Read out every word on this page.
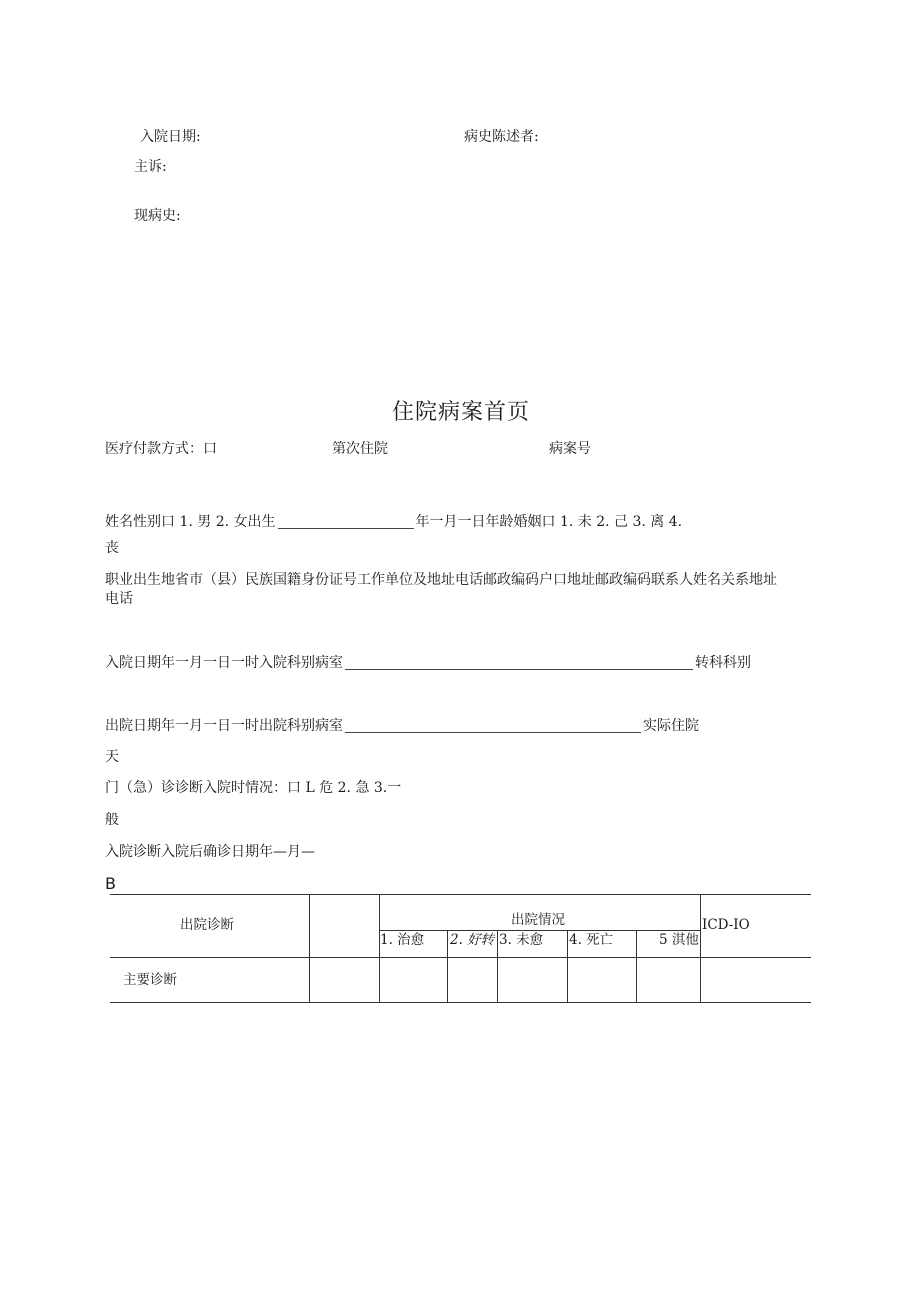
入院日期:	病史陈述者:
主诉:
现病史:
住院病案首页
医疗付款方式：口	第次住院	病案号
姓名性别口 1. 男 2. 女出生	年一月一日年龄婚姻口 1. 未 2. 己 3. 离 4.
丧
职业出生地省市（县）民族国籍身份证号工作单位及地址电话邮政编码户口地址邮政编码联系人姓名关系地址
电话
入院日期年一月一日一时入院科别病室	转科科别
出院日期年一月一日一时出院科别病室	实际住院
天
门（急）诊诊断入院时情况：口 L 危 2. 急 3.一
般
入院诊断入院后确诊日期年—月—
B
出院诊断	出院情况	ICD-IO
1. 治愈 2. 好转 3. 未愈 4. 死亡	5 淇他
主要诊断
